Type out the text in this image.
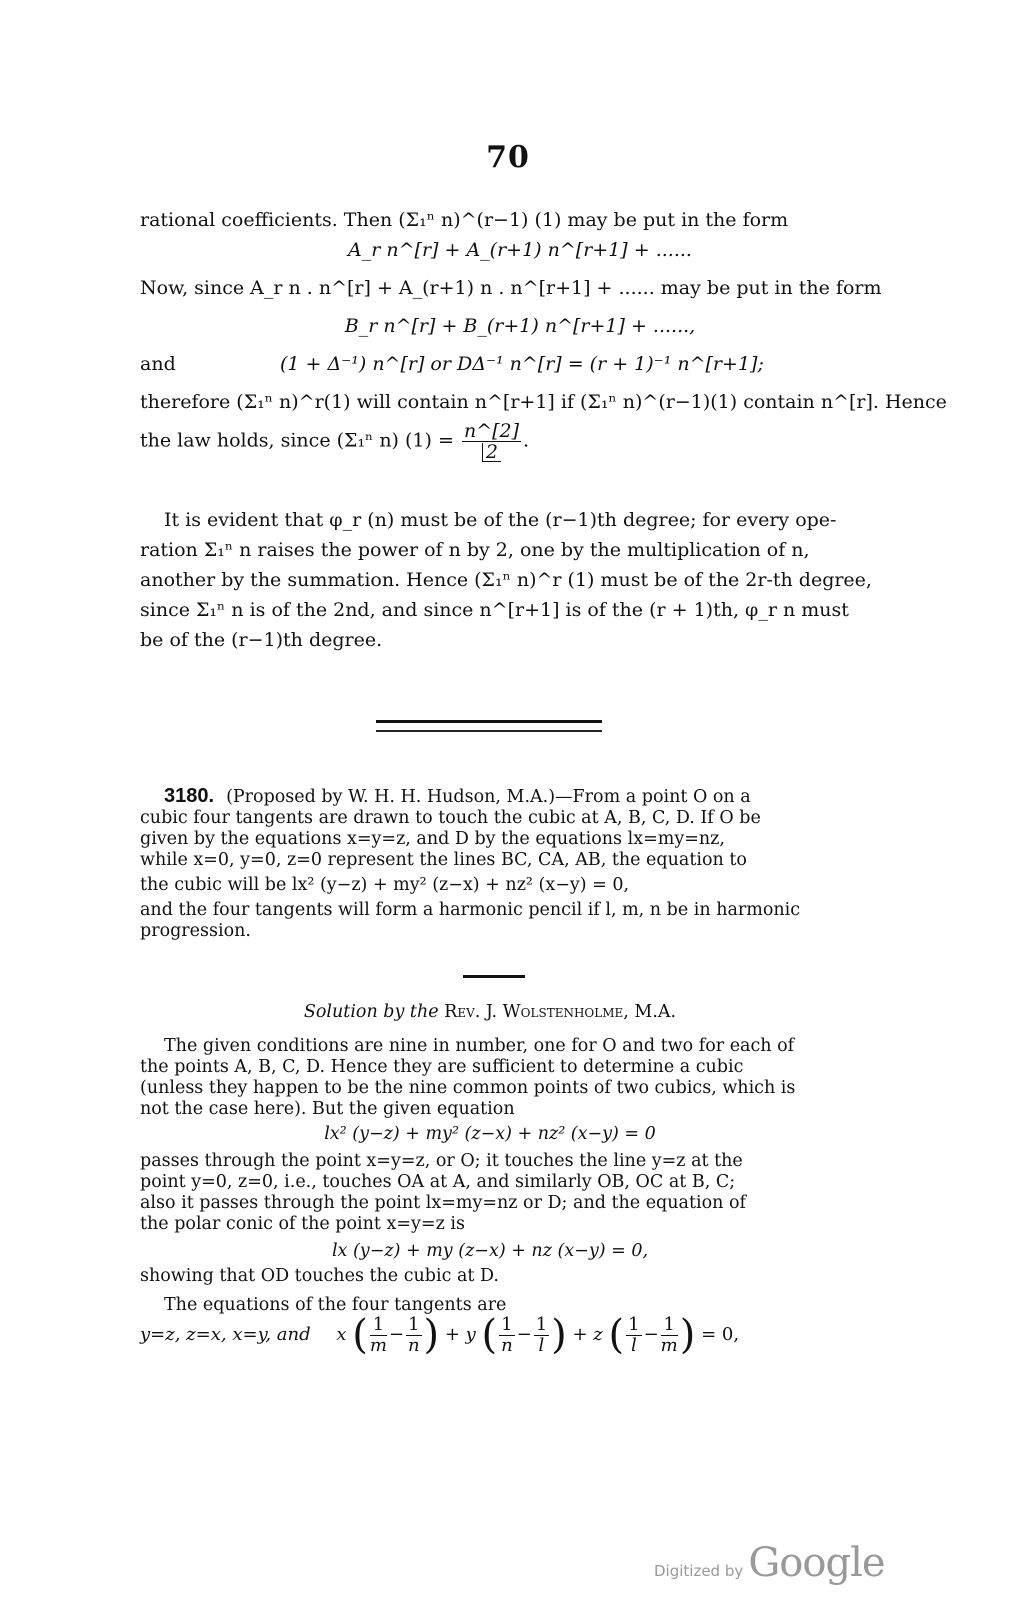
70
rational coefficients. Then (Σ₁ⁿ n)^(r−1) (1) may be put in the form
A_r n^[r] + A_(r+1) n^[r+1] + ......
Now, since A_r n . n^[r] + A_(r+1) n . n^[r+1] + ...... may be put in the form
B_r n^[r] + B_(r+1) n^[r+1] + ......,
and	(1 + Δ⁻¹) n^[r] or DΔ⁻¹ n^[r] = (r + 1)⁻¹ n^[r+1];
therefore (Σ₁ⁿ n)^r(1) will contain n^[r+1] if (Σ₁ⁿ n)^(r−1)(1) contain n^[r]. Hence
the law holds, since (Σ₁ⁿ n) $(1) = \frac{n\^{}[2]}{2}$ .
It is evident that φ_r (n) must be of the (r−1)th degree; for every ope-
ration Σ₁ⁿ n raises the power of n by 2, one by the multiplication of n,
another by the summation. Hence (Σ₁ⁿ n)^r (1) must be of the 2r-th degree,
since Σ₁ⁿ n is of the 2nd, and since n^[r+1] is of the (r + 1)th, φ_r n must
be of the (r−1)th degree.
3180. (Proposed by W. H. H. Hudson, M.A.)—From a point O on a
cubic four tangents are drawn to touch the cubic at A, B, C, D. If O be
given by the equations x=y=z, and D by the equations lx=my=nz,
while x=0, y=0, z=0 represent the lines BC, CA, AB, the equation to
the cubic will be lx² (y−z) + my² (z−x) + nz² (x−y) = 0,
and the four tangents will form a harmonic pencil if l, m, n be in harmonic
progression.
Solution by the Rev. J. Wolstenholme, M.A.
The given conditions are nine in number, one for O and two for each of
the points A, B, C, D. Hence they are sufficient to determine a cubic
(unless they happen to be the nine common points of two cubics, which is
not the case here). But the given equation
lx² (y−z) + my² (z−x) + nz² (x−y) = 0
passes through the point x=y=z, or O; it touches the line y=z at the
point y=0, z=0, i.e., touches OA at A, and similarly OB, OC at B, C;
also it passes through the point lx=my=nz or D; and the equation of
the polar conic of the point x=y=z is
lx (y−z) + my (z−x) + nz (x−y) = 0,
showing that OD touches the cubic at D.
The equations of the four tangents are
y=z, z=x, x=y, and x ( $\frac{1}{m} - \frac{1}{n}$ ) + y ( $\frac{1}{n} - \frac{1}{l}$ ) + z ( $\frac{1}{l} - \frac{1}{m}$ ) = 0,
Digitized by Google
